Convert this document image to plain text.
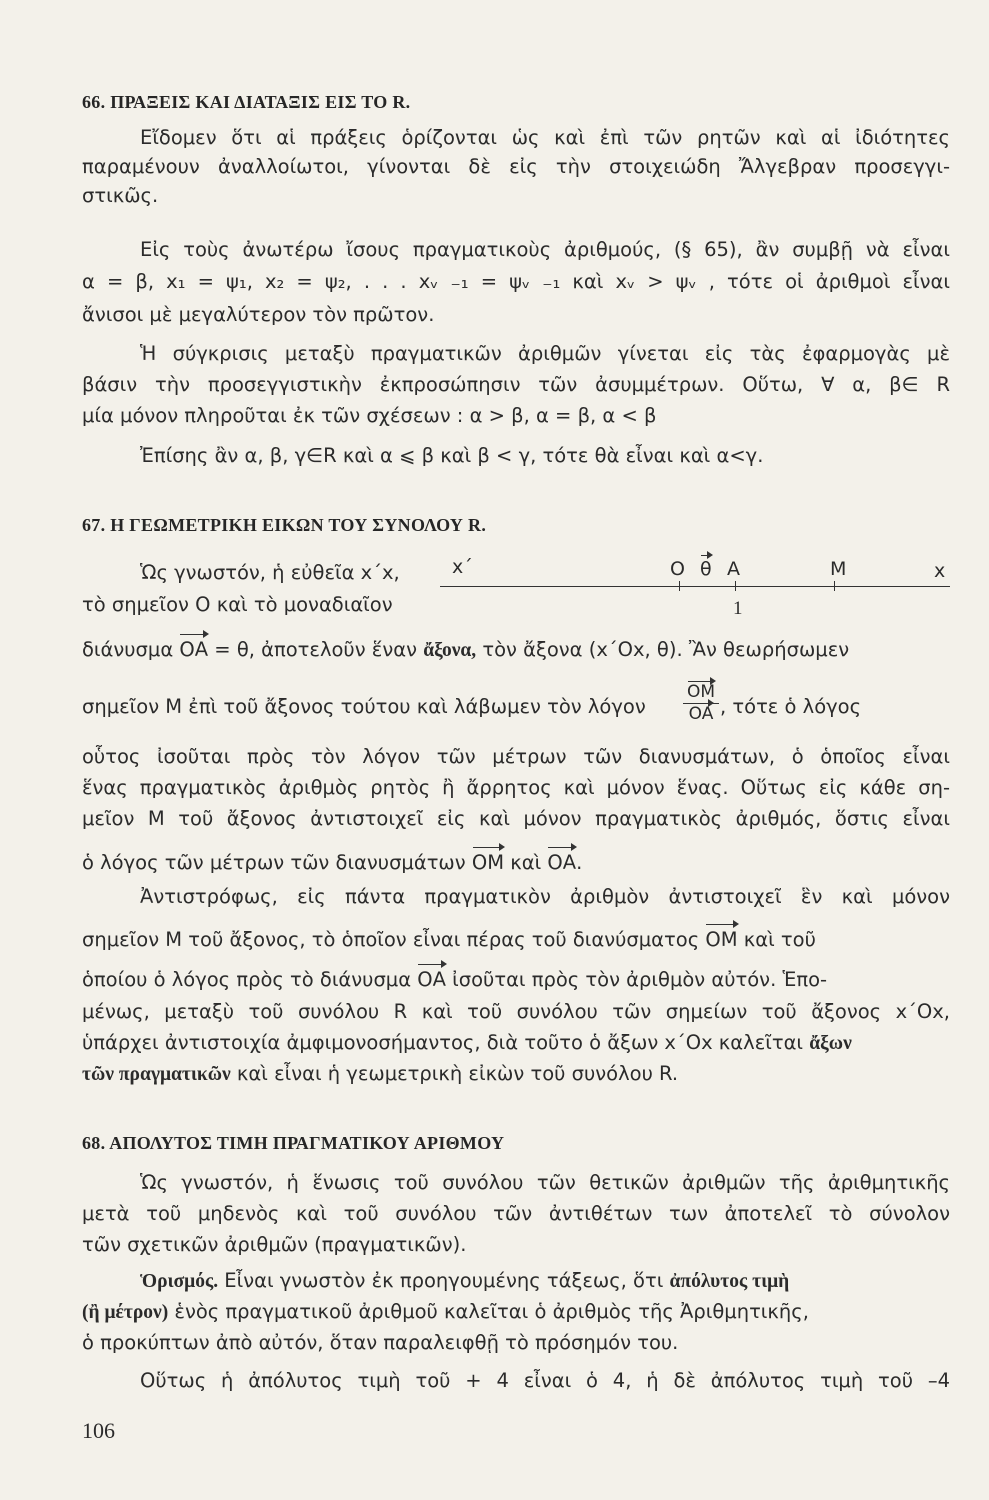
66. ΠΡΑΞΕΙΣ ΚΑΙ ΔΙΑΤΑΞΙΣ ΕΙΣ ΤΟ R.
Εἴδομεν ὅτι αἱ πράξεις ὁρίζονται ὡς καὶ ἐπὶ τῶν ρητῶν καὶ αἱ ἰδιότητες
παραμένουν ἀναλλοίωτοι, γίνονται δὲ εἰς τὴν στοιχειώδη Ἄλγεβραν προσεγγι-
στικῶς.
Εἰς τοὺς ἀνωτέρω ἴσους πραγματικοὺς ἀριθμούς, (§ 65), ἂν συμβῇ νὰ εἶναι
α = β, x₁ = ψ₁, x₂ = ψ₂, . . . xᵥ ₋₁ = ψᵥ ₋₁ καὶ xᵥ > ψᵥ , τότε οἱ ἀριθμοὶ εἶναι
ἄνισοι μὲ μεγαλύτερον τὸν πρῶτον.
Ἡ σύγκρισις μεταξὺ πραγματικῶν ἀριθμῶν γίνεται εἰς τὰς ἐφαρμογὰς μὲ
βάσιν τὴν προσεγγιστικὴν ἐκπροσώπησιν τῶν ἀσυμμέτρων. Οὕτω, ∀ α, β∈ R
μία μόνον πληροῦται ἐκ τῶν σχέσεων : α > β, α = β, α < β
Ἐπίσης ἂν α, β, γ∈R καὶ α ⩽ β καὶ β < γ, τότε θὰ εἶναι καὶ α<γ.
67. Η ΓΕΩΜΕΤΡΙΚΗ ΕΙΚΩΝ ΤΟΥ ΣΥΝΟΛΟΥ R.
Ὡς γνωστόν, ἡ εὐθεῖα x΄x,
τὸ σημεῖον Ο καὶ τὸ μοναδιαῖον
x΄	O θ A	M	x
1
διάνυσμα ΟΑ = θ, ἀποτελοῦν ἕναν ἄξονα, τὸν ἄξονα (x΄Ox, θ). Ἂν θεωρήσωμεν
σημεῖον Μ ἐπὶ τοῦ ἄξονος τούτου καὶ λάβωμεν τὸν λόγον
OM
OA , τότε ὁ λόγος
οὗτος ἰσοῦται πρὸς τὸν λόγον τῶν μέτρων τῶν διανυσμάτων, ὁ ὁποῖος εἶναι
ἕνας πραγματικὸς ἀριθμὸς ρητὸς ἢ ἄρρητος καὶ μόνον ἕνας. Οὕτως εἰς κάθε ση-
μεῖον Μ τοῦ ἄξονος ἀντιστοιχεῖ εἰς καὶ μόνον πραγματικὸς ἀριθμός, ὅστις εἶναι
ὁ λόγος τῶν μέτρων τῶν διανυσμάτων ΟΜ καὶ ΟΑ.
Ἀντιστρόφως, εἰς πάντα πραγματικὸν ἀριθμὸν ἀντιστοιχεῖ ἓν καὶ μόνον
σημεῖον Μ τοῦ ἄξονος, τὸ ὁποῖον εἶναι πέρας τοῦ διανύσματος ΟΜ καὶ τοῦ
ὁποίου ὁ λόγος πρὸς τὸ διάνυσμα ΟΑ ἰσοῦται πρὸς τὸν ἀριθμὸν αὐτόν. Ἑπο-
μένως, μεταξὺ τοῦ συνόλου R καὶ τοῦ συνόλου τῶν σημείων τοῦ ἄξονος x΄Ox,
ὑπάρχει ἀντιστοιχία ἀμφιμονοσήμαντος, διὰ τοῦτο ὁ ἄξων x΄Ox καλεῖται ἄξων
τῶν πραγματικῶν καὶ εἶναι ἡ γεωμετρικὴ εἰκὼν τοῦ συνόλου R.
68. ΑΠΟΛΥΤΟΣ ΤΙΜΗ ΠΡΑΓΜΑΤΙΚΟΥ ΑΡΙΘΜΟΥ
Ὡς γνωστόν, ἡ ἕνωσις τοῦ συνόλου τῶν θετικῶν ἀριθμῶν τῆς ἀριθμητικῆς
μετὰ τοῦ μηδενὸς καὶ τοῦ συνόλου τῶν ἀντιθέτων των ἀποτελεῖ τὸ σύνολον
τῶν σχετικῶν ἀριθμῶν (πραγματικῶν).
Ὁρισμός. Εἶναι γνωστὸν ἐκ προηγουμένης τάξεως, ὅτι ἀπόλυτος τιμὴ
(ἢ μέτρον) ἑνὸς πραγματικοῦ ἀριθμοῦ καλεῖται ὁ ἀριθμὸς τῆς Ἀριθμητικῆς,
ὁ προκύπτων ἀπὸ αὐτόν, ὅταν παραλειφθῇ τὸ πρόσημόν του.
Οὕτως ἡ ἀπόλυτος τιμὴ τοῦ + 4 εἶναι ὁ 4, ἡ δὲ ἀπόλυτος τιμὴ τοῦ –4
106
